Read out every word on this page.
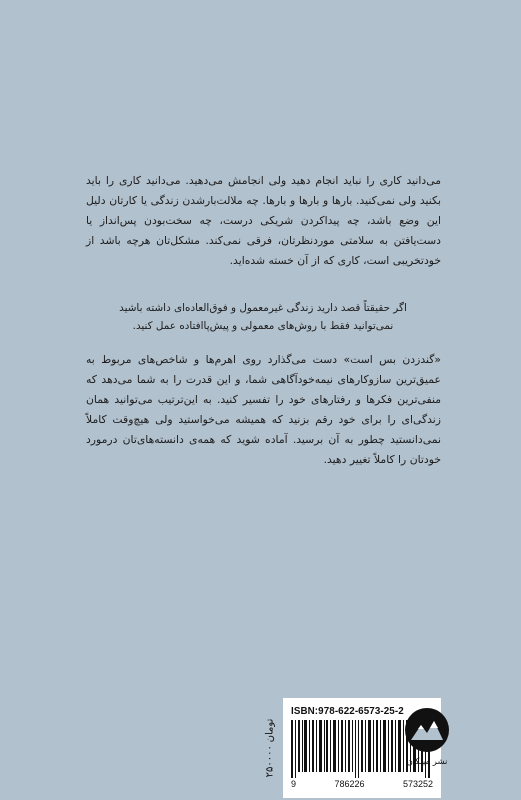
می‌دانید کاری را نباید انجام دهید ولی انجامش می‌دهید. می‌دانید کاری را باید بکنید ولی نمی‌کنید. بارها و بارها و بارها. چه ملالت‌بارشدن زندگی یا کارتان دلیل این وضع باشد، چه پیداکردن شریکی درست، چه سخت‌بودن پس‌انداز یا دست‌یافتن به سلامتی موردنظرتان، فرقی نمی‌کند. مشکل‌تان هرچه باشد از خودتخریبی است، کاری که از آن خسته شده‌اید.
اگر حقیقتاً قصد دارید زندگی غیرمعمول و فوق‌العاده‌ای داشته باشید نمی‌توانید فقط با روش‌های معمولی و پیش‌پاافتاده عمل کنید.
«گندزدن بس است» دست می‌گذارد روی اهرم‌ها و شاخص‌های مربوط به عمیق‌ترین سازوکارهای نیمه‌خودآگاهی شما، و این قدرت را به شما می‌دهد که منفی‌ترین فکرها و رفتارهای خود را تفسیر کنید. به این‌ترتیب می‌توانید همان زندگی‌ای را برای خود رقم بزنید که همیشه می‌خواستید ولی هیچ‌وقت کاملاً نمی‌دانستید چطور به آن برسید. آماده شوید که همه‌ی دانسته‌های‌تان درمورد خودتان را کاملاً تغییر دهید.
ISBN:978-622-6573-25-2
9	786226	573252
۲۵۰۰۰۰ تومان
نشر میلکان
